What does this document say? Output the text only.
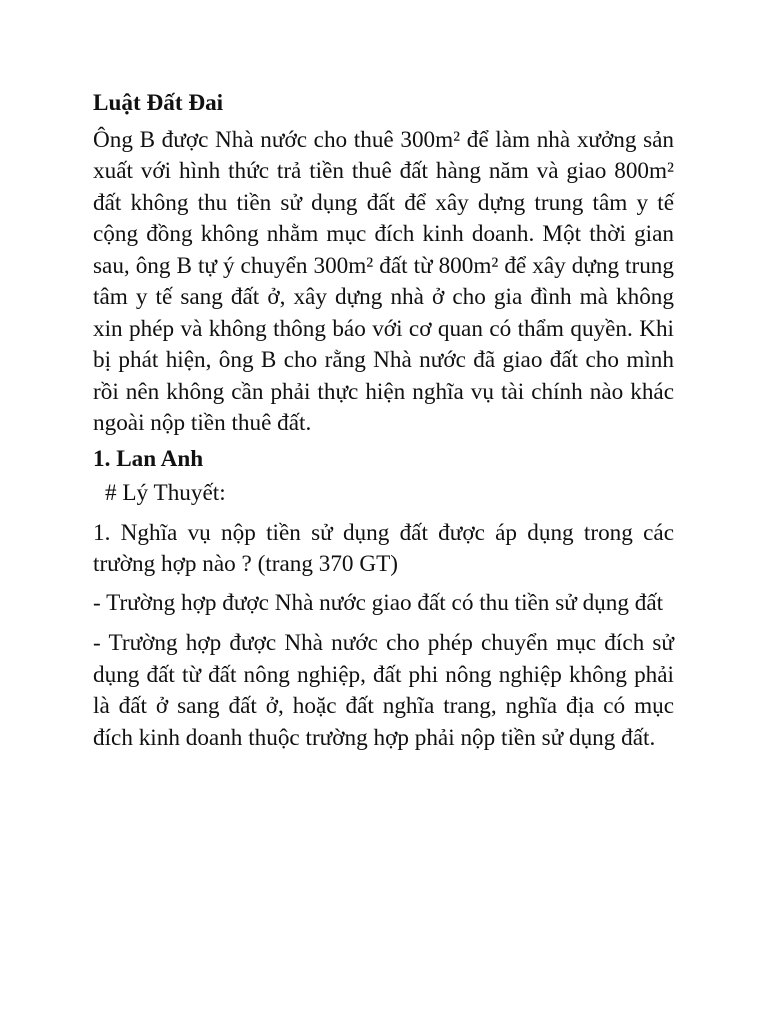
Luật Đất Đai

Ông B được Nhà nước cho thuê 300m² để làm nhà xưởng sản xuất với hình thức trả tiền thuê đất hàng năm và giao 800m² đất không thu tiền sử dụng đất để xây dựng trung tâm y tế cộng đồng không nhằm mục đích kinh doanh. Một thời gian sau, ông B tự ý chuyển 300m² đất từ 800m² để xây dựng trung tâm y tế sang đất ở, xây dựng nhà ở cho gia đình mà không xin phép và không thông báo với cơ quan có thẩm quyền. Khi bị phát hiện, ông B cho rằng Nhà nước đã giao đất cho mình rồi nên không cần phải thực hiện nghĩa vụ tài chính nào khác ngoài nộp tiền thuê đất.

1. Lan Anh

# Lý Thuyết:

1. Nghĩa vụ nộp tiền sử dụng đất được áp dụng trong các trường hợp nào ? (trang 370 GT)

- Trường hợp được Nhà nước giao đất có thu tiền sử dụng đất

- Trường hợp được Nhà nước cho phép chuyển mục đích sử dụng đất từ đất nông nghiệp, đất phi nông nghiệp không phải là đất ở sang đất ở, hoặc đất nghĩa trang, nghĩa địa có mục đích kinh doanh thuộc trường hợp phải nộp tiền sử dụng đất.
